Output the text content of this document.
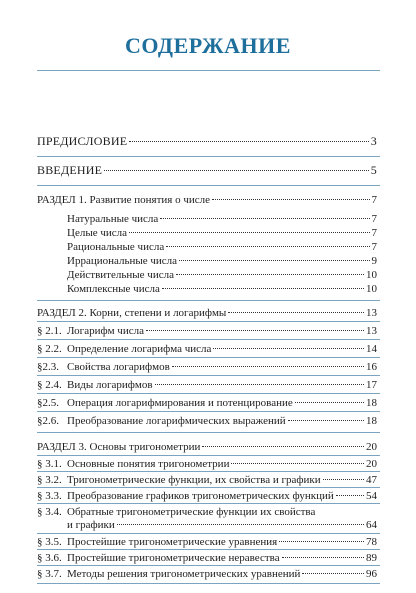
СОДЕРЖАНИЕ
ПРЕДИСЛОВИЕ	3
ВВЕДЕНИЕ	5
РАЗДЕЛ 1. Развитие понятия о числе	7
Натуральные числа	7
Целые числа	7
Рациональные числа	7
Иррациональные числа	9
Действительные числа	10
Комплексные числа	10
РАЗДЕЛ 2. Корни, степени и логарифмы	13
§ 2.1. Логарифм числа	13
§ 2.2. Определение логарифма числа	14
§2.3. Свойства логарифмов	16
§ 2.4. Виды логарифмов	17
§2.5. Операция логарифмирования и потенцирование	18
§2.6. Преобразование логарифмических выражений	18
РАЗДЕЛ 3. Основы тригонометрии	20
§ 3.1. Основные понятия тригонометрии	20
§ 3.2. Тригонометрические функции, их свойства и графики	47
§ 3.3. Преобразование графиков тригонометрических функций	54
§ 3.4. Обратные тригонометрические функции их свойства
и графики	64
§ 3.5. Простейшие тригонометрические уравнения	78
§ 3.6. Простейшие тригонометрические неравества	89
§ 3.7. Методы решения тригонометрических уравнений	96
